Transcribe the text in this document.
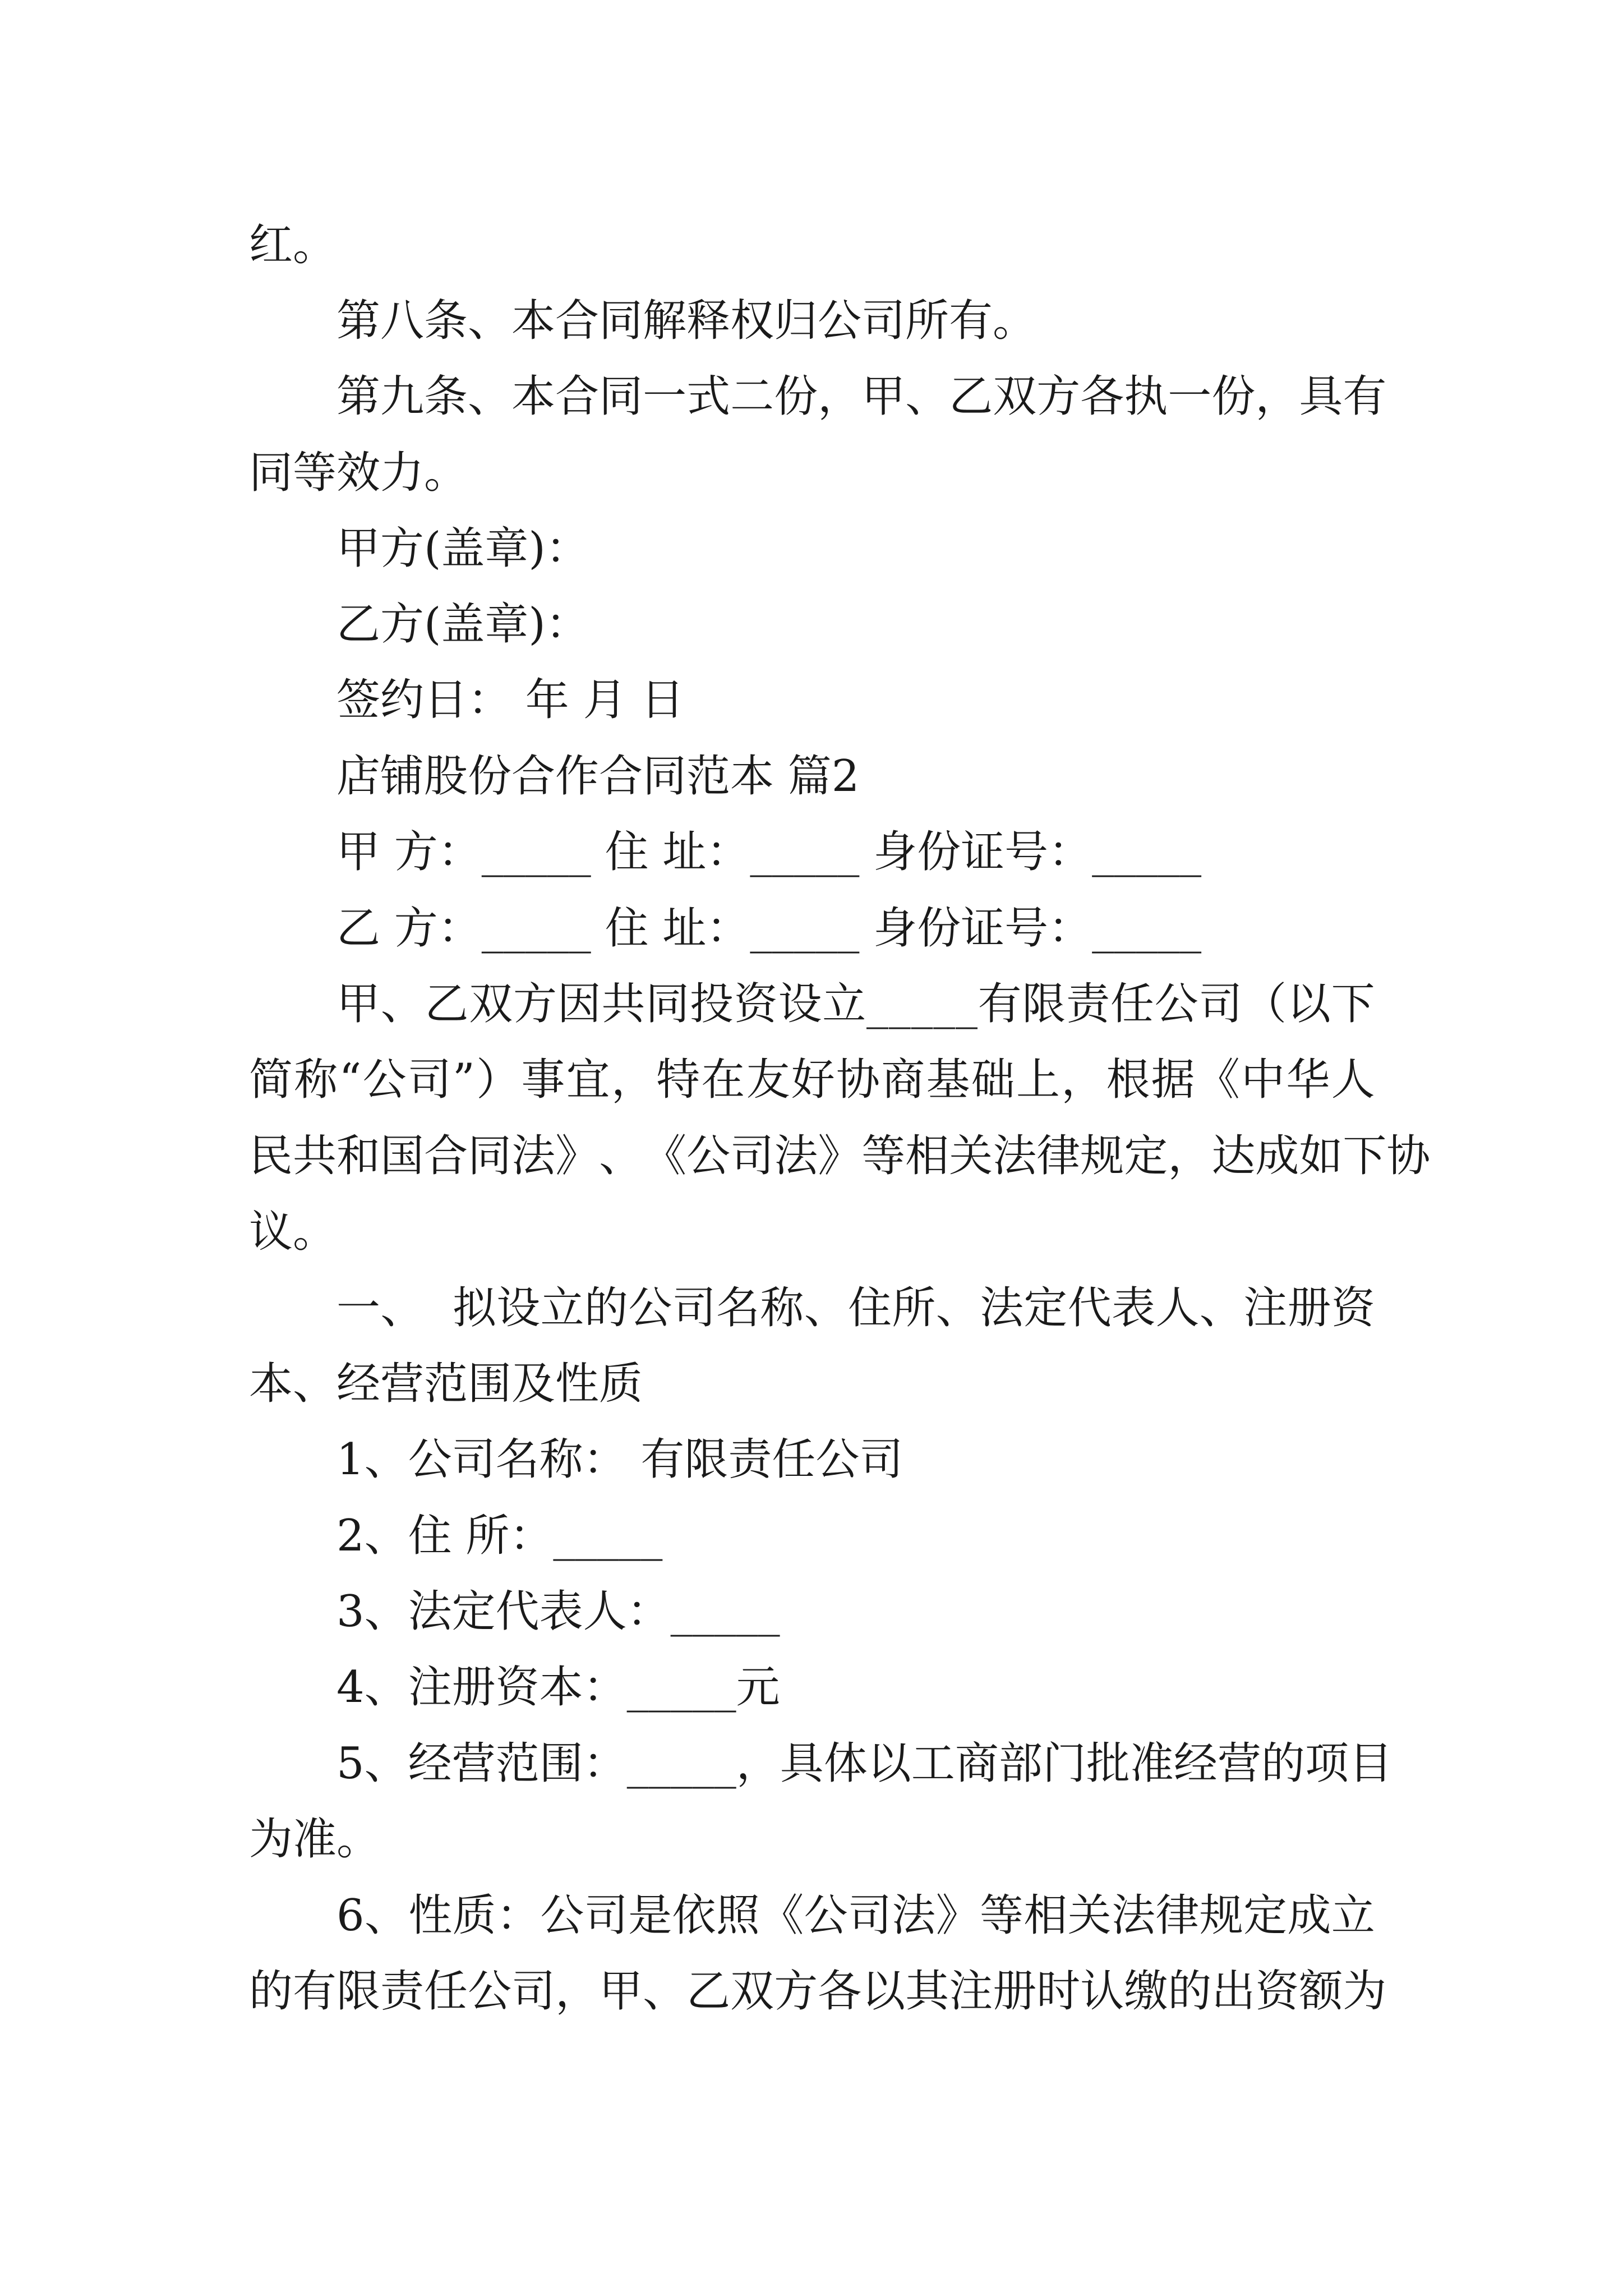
红。
第八条、本合同解释权归公司所有。
第 九 条 、 本 合 同 一 式 二 份 ， 甲 、 乙 双 方 各 执 一 份 ， 具 有
同等效力。
甲方(盖章)：
乙方(盖章)：
签约日： 年 月 日
店铺股份合作合同范本 篇2
甲 方：_____ 住 址：_____ 身份证号：_____
乙 方：_____ 住 址：_____ 身份证号：_____
甲 、 乙 双 方 因 共 同 投 资 设 立 _ _ _ _ _ 有 限 责 任 公 司 （ 以 下
简 称 “ 公 司 ” ） 事 宜 ， 特 在 友 好 协 商 基 础 上 ， 根 据 《 中 华 人
民 共 和 国 合 同 法 》 、 《 公 司 法 》 等 相 关 法 律 规 定 ， 达 成 如 下 协
议。
一 、

拟 设 立 的 公 司 名 称 、 住 所 、 法 定 代 表 人 、 注 册 资
本、经营范围及性质
1、公司名称： 有限责任公司
2、住 所：_____
3、法定代表人：_____
4、注册资本：_____元
5 、 经 营 范 围 ： _ _ _ _ _ ， 具 体 以 工 商 部 门 批 准 经 营 的 项 目
为准。
6 、 性 质 ： 公 司 是 依 照 《 公 司 法 》 等 相 关 法 律 规 定 成 立
的 有 限 责 任 公 司 ， 甲 、 乙 双 方 各 以 其 注 册 时 认 缴 的 出 资 额 为
